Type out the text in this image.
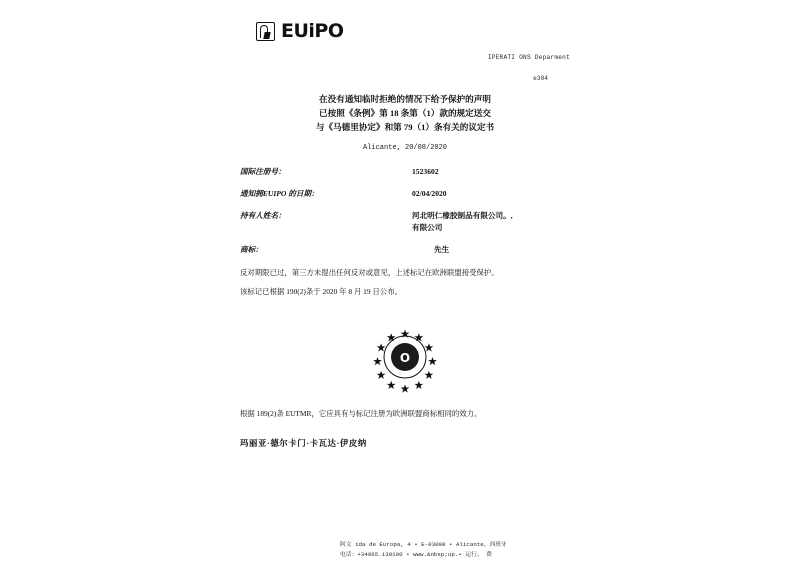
EUiPO
IPERATI ONS Deparment
e304
在没有通知临时拒绝的情况下给予保护的声明
已按照《条例》第 18 条第（1）款的规定送交
与《马德里协定》和第 79（1）条有关的议定书
Alicante, 20/08/2020
国际注册号：	1523602
通知拥EUIPO 的日期：	02/04/2020
持有人姓名：	河北明仁橡胶制品有限公司。,
有限公司
商标：	先生
反对期限已过，第三方未提出任何反对或意见，上述标记在欧洲联盟接受保护。
该标记已根据 190(2)条于 2020 年 8 月 19 日公布。
O
根据 189(2)条 EUTMR，它应具有与标记注册为欧洲联盟商标相同的效力。
玛丽亚·德尔卡门·卡瓦达·伊皮纳
阿文 ida de Europa, 4 • E-03008 • Alicante、西班牙
电话：+34965.139100 • www.&nbsp;up.• 运行。 费
